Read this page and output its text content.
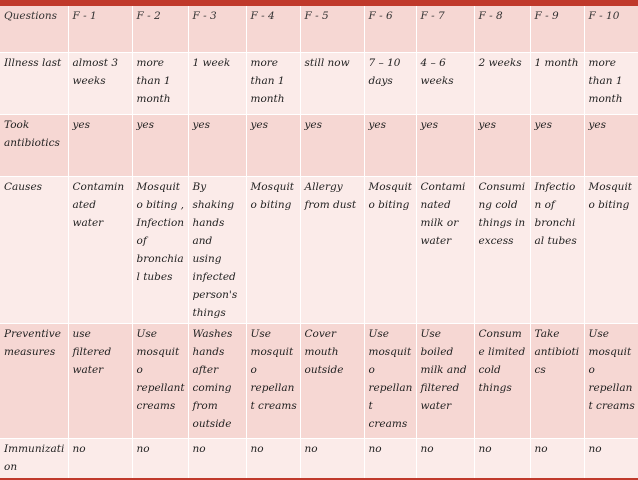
Questions	F - 1	F - 2	F - 3	F - 4	F - 5	F - 6	F - 7	F - 8	F - 9	F - 10
Illness last	almost 3 weeks	more than 1 month	1 week	more than 1 month	still now	7 – 10 days	4 – 6 weeks	2 weeks	1 month	more than 1 month
Took antibiotics	yes	yes	yes	yes	yes	yes	yes	yes	yes	yes
Causes	Contaminated water	Mosquito biting , Infection of bronchial tubes	By shaking hands and using infected person's things	Mosquito biting	Allergy from dust	Mosquito biting	Contaminated milk or water	Consuming cold things in excess	Infection of bronchial tubes	Mosquito biting
Preventive measures	use filtered water	Use mosquito repellant creams	Washes hands after coming from outside	Use mosquito repellant creams	Cover mouth outside	Use mosquito repellant creams	Use boiled milk and filtered water	Consume limited cold things	Take antibiotics	Use mosquito repellant creams
Immunization	no	no	no	no	no	no	no	no	no	no
